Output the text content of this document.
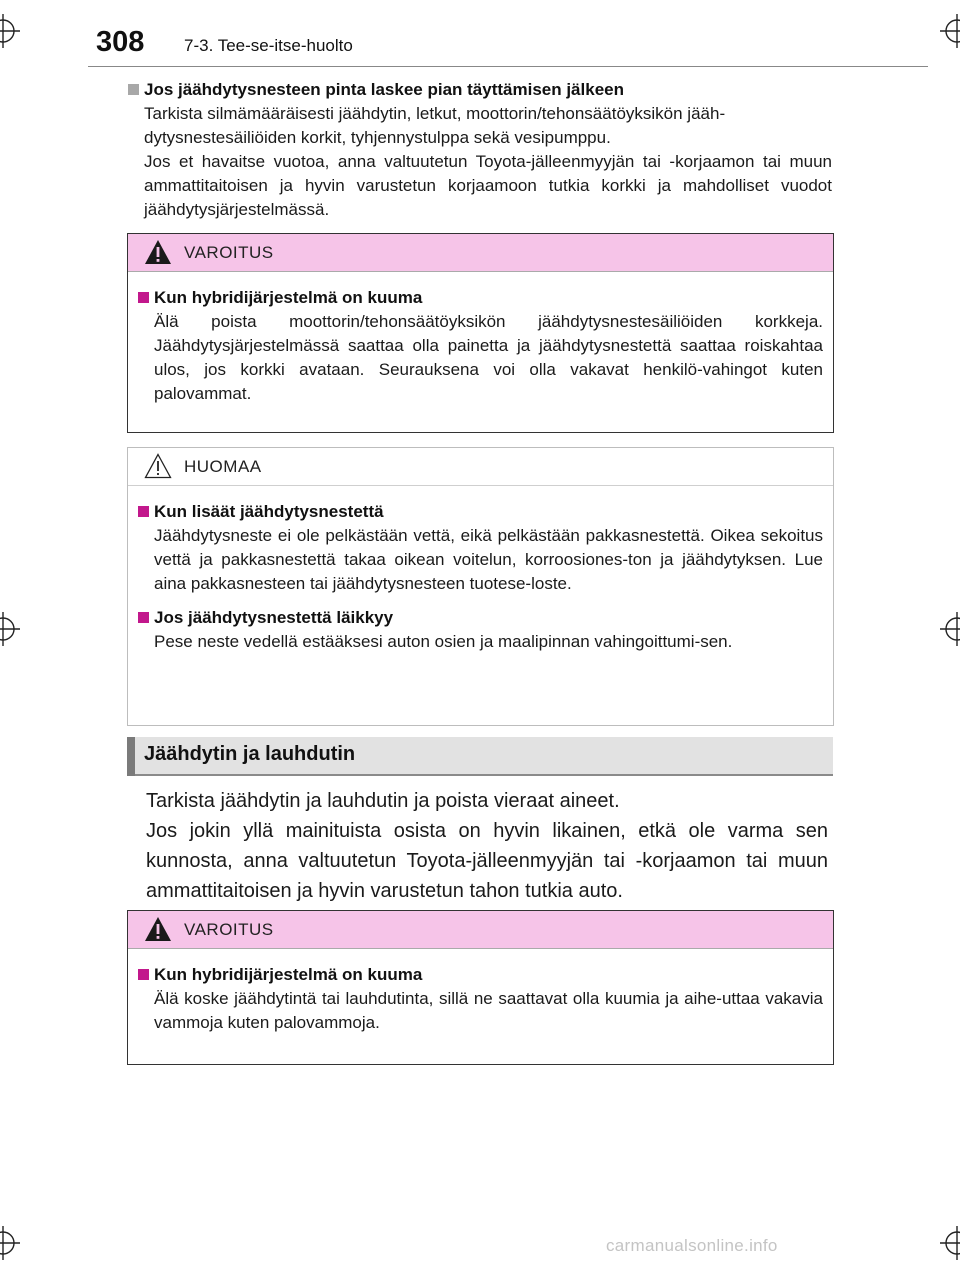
308 7-3. Tee-se-itse-huolto
Jos jäähdytysnesteen pinta laskee pian täyttämisen jälkeen

Tarkista silmämääräisesti jäähdytin, letkut, moottorin/tehonsäätöyksikön jääh-
dytysnestesäiliöiden korkit, tyhjennystulppa sekä vesipumppu.

Jos et havaitse vuotoa, anna valtuutetun Toyota-jälleenmyyjän tai -korjaamon tai muun ammattitaitoisen ja hyvin varustetun korjaamoon tutkia korkki ja mahdolliset vuodot jäähdytysjärjestelmässä.

VAROITUS
Kun hybridijärjestelmä on kuuma

Älä poista moottorin/tehonsäätöyksikön jäähdytysnestesäiliöiden korkkeja. Jäähdytysjärjestelmässä saattaa olla painetta ja jäähdytysnestettä saattaa roiskahtaa ulos, jos korkki avataan. Seurauksena voi olla vakavat henkilö-vahingot kuten palovammat.

HUOMAA
Kun lisäät jäähdytysnestettä

Jäähdytysneste ei ole pelkästään vettä, eikä pelkästään pakkasnestettä. Oikea sekoitus vettä ja pakkasnestettä takaa oikean voitelun, korroosiones-ton ja jäähdytyksen. Lue aina pakkasnesteen tai jäähdytysnesteen tuotese-loste.

Jos jäähdytysnestettä läikkyy

Pese neste vedellä estääksesi auton osien ja maalipinnan vahingoittumi-sen.

Jäähdytin ja lauhdutin

Tarkista jäähdytin ja lauhdutin ja poista vieraat aineet.
Jos jokin yllä mainituista osista on hyvin likainen, etkä ole varma sen kunnosta, anna valtuutetun Toyota-jälleenmyyjän tai -korjaamon tai muun ammattitaitoisen ja hyvin varustetun tahon tutkia auto.

VAROITUS
Kun hybridijärjestelmä on kuuma

Älä koske jäähdytintä tai lauhdutinta, sillä ne saattavat olla kuumia ja aihe-uttaa vakavia vammoja kuten palovammoja.

carmanualsonline.info
